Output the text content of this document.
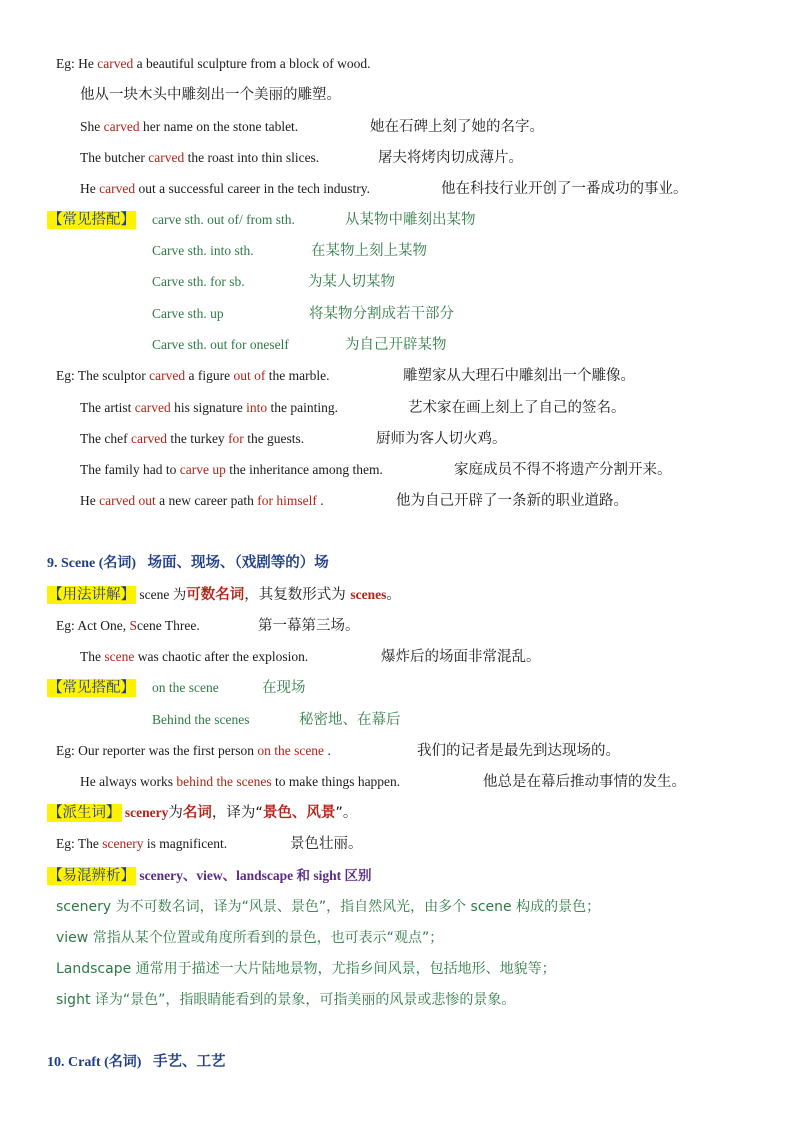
Eg: He carved a beautiful sculpture from a block of wood.
他从一块木头中雕刻出一个美丽的雕塑。
She carved her name on the stone tablet.	她在石碑上刻了她的名字。
The butcher carved the roast into thin slices.	屠夫将烤肉切成薄片。
He carved out a successful career in the tech industry.	他在科技行业开创了一番成功的事业。
【常见搭配】 carve sth. out of/ from sth.	从某物中雕刻出某物
Carve sth. into sth.	在某物上刻上某物
Carve sth. for sb.	为某人切某物
Carve sth. up	将某物分割成若干部分
Carve sth. out for oneself	为自己开辟某物
Eg: The sculptor carved a figure out of the marble.	雕塑家从大理石中雕刻出一个雕像。
The artist carved his signature into the painting.	艺术家在画上刻上了自己的签名。
The chef carved the turkey for the guests.	厨师为客人切火鸡。
The family had to carve up the inheritance among them.	家庭成员不得不将遗产分割开来。
He carved out a new career path for himself .	他为自己开辟了一条新的职业道路。
9. Scene (名词) 场面、现场、（戏剧等的）场
【用法讲解】 scene 为可数名词，其复数形式为 scenes。
Eg: Act One, Scene Three.	第一幕第三场。
The scene was chaotic after the explosion.	爆炸后的场面非常混乱。
【常见搭配】 on the scene	在现场
Behind the scenes	秘密地、在幕后
Eg: Our reporter was the first person on the scene .	我们的记者是最先到达现场的。
He always works behind the scenes to make things happen.	他总是在幕后推动事情的发生。
【派生词】 scenery为名词，译为“景色、风景”。
Eg: The scenery is magnificent.	景色壮丽。
【易混辨析】 scenery、view、landscape 和 sight 区别
scenery 为不可数名词，译为“风景、景色”，指自然风光，由多个 scene 构成的景色；
view 常指从某个位置或角度所看到的景色，也可表示“观点”；
Landscape 通常用于描述一大片陆地景物，尤指乡间风景，包括地形、地貌等；
sight 译为“景色”，指眼睛能看到的景象，可指美丽的风景或悲惨的景象。
10. Craft (名词) 手艺、工艺
